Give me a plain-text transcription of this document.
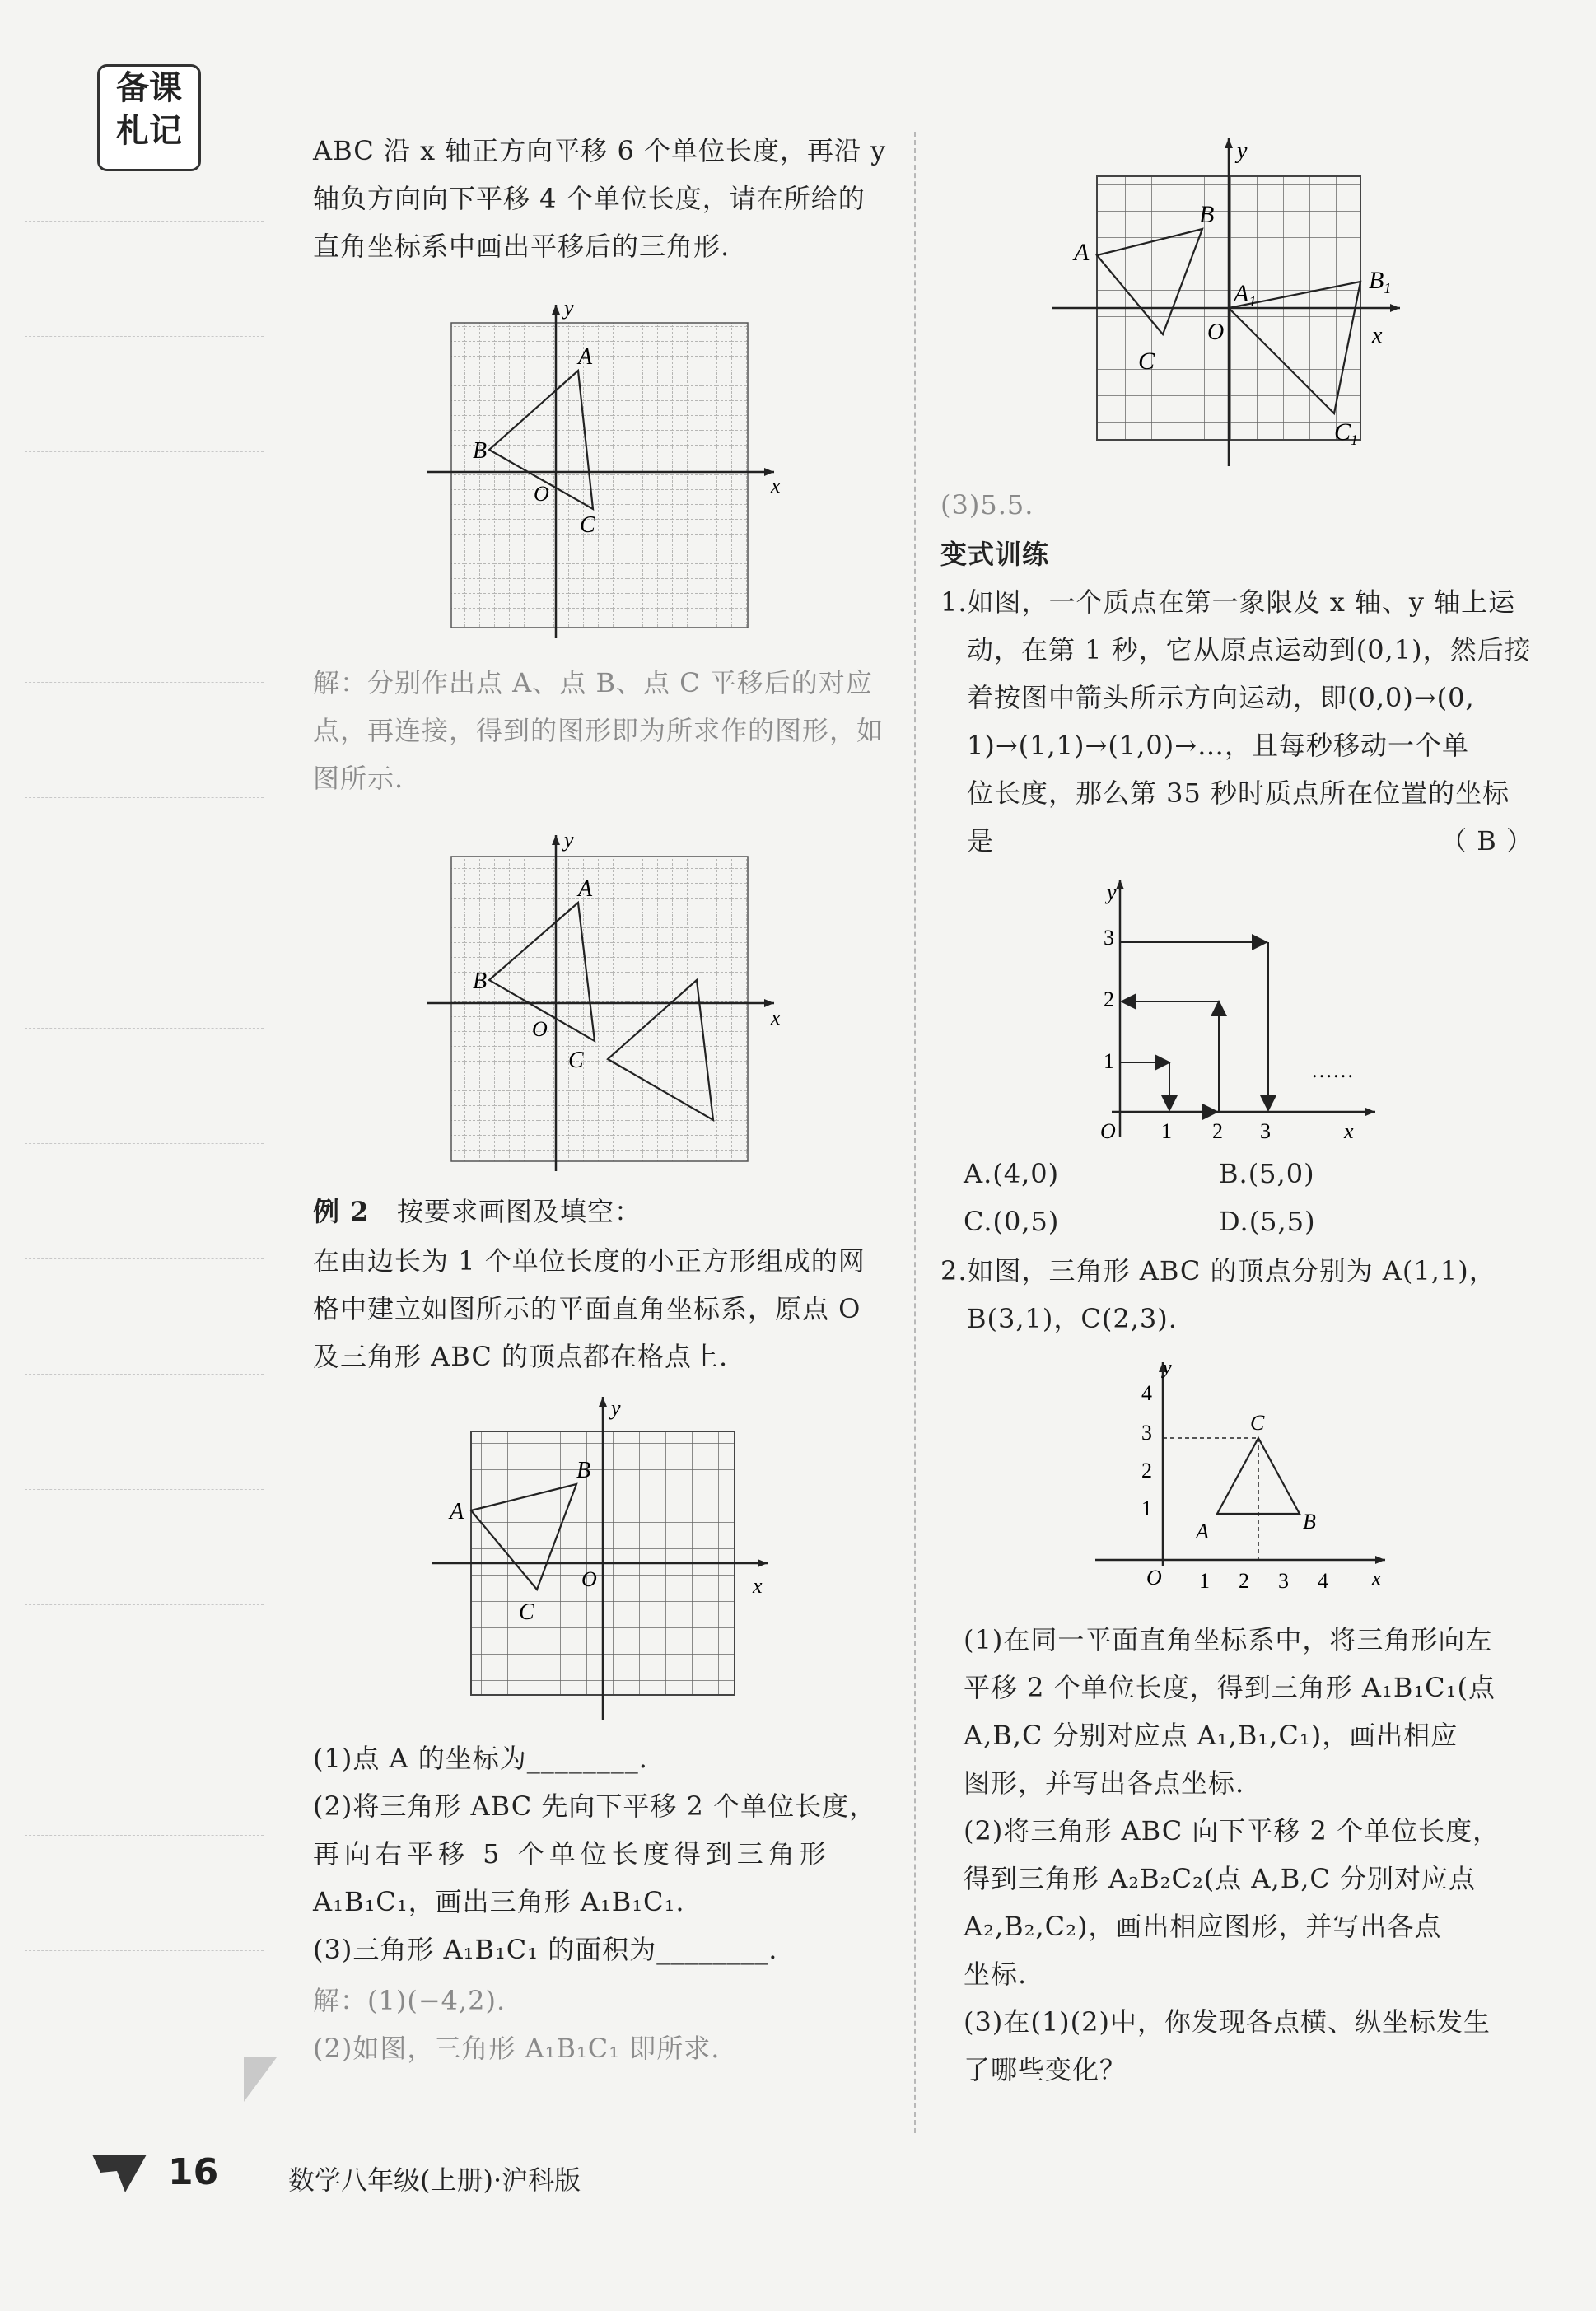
备课
札记
ABC 沿 x 轴正方向平移 6 个单位长度，再沿 y
轴负方向向下平移 4 个单位长度，请在所给的
直角坐标系中画出平移后的三角形.
x
y
O
A
B
C
解：分别作出点 A、点 B、点 C 平移后的对应
点，再连接，得到的图形即为所求作的图形，如
图所示.
x
y
O
A
B
C
例 2 按要求画图及填空：
在由边长为 1 个单位长度的小正方形组成的网
格中建立如图所示的平面直角坐标系，原点 O
及三角形 ABC 的顶点都在格点上.
x
y
O
A
B
C
(1)点 A 的坐标为________.
(2)将三角形 ABC 先向下平移 2 个单位长度，
再向右平移 5 个单位长度得到三角形
A₁B₁C₁，画出三角形 A₁B₁C₁.
(3)三角形 A₁B₁C₁ 的面积为________.
解：(1)(−4,2).
(2)如图，三角形 A₁B₁C₁ 即所求.
x
y
O
A
B
C
$A_1$
$B_1$
$C_1$
(3)5.5.
变式训练
1.如图，一个质点在第一象限及 x 轴、y 轴上运
动，在第 1 秒，它从原点运动到(0,1)，然后接
着按图中箭头所示方向运动，即(0,0)→(0,
1)→(1,1)→(1,0)→…，且每秒移动一个单
位长度，那么第 35 秒时质点所在位置的坐标
是	（ B ）
y
x
O
1
2
3
1 2 3
……
A.(4,0)	B.(5,0)
C.(0,5)	D.(5,5)
2.如图，三角形 ABC 的顶点分别为 A(1,1)，
B(3,1)，C(2,3).
y
x
O
1
2
3
4
1 2 3 4
A	B
C
(1)在同一平面直角坐标系中，将三角形向左
平移 2 个单位长度，得到三角形 A₁B₁C₁(点
A,B,C 分别对应点 A₁,B₁,C₁)，画出相应
图形，并写出各点坐标.
(2)将三角形 ABC 向下平移 2 个单位长度，
得到三角形 A₂B₂C₂(点 A,B,C 分别对应点
A₂,B₂,C₂)，画出相应图形，并写出各点
坐标.
(3)在(1)(2)中，你发现各点横、纵坐标发生
了哪些变化？
16	数学八年级(上册)·沪科版
